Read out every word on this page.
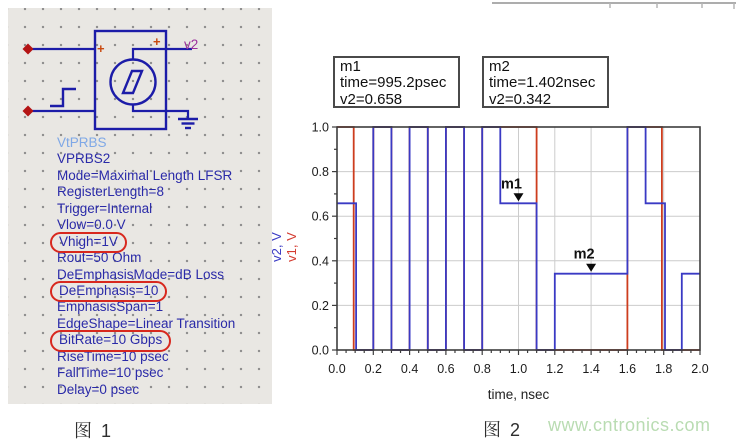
+	+ v2
VtPRBS
VPRBS2
Mode=Maximal Length LFSR
RegisterLength=8
Trigger=Internal
Vlow=0.0 V
Vhigh=1V
Rout=50 Ohm
DeEmphasisMode=dB Loss
DeEmphasis=10
EmphasisSpan=1
EdgeShape=Linear Transition
BitRate=10 Gbps
RiseTime=10 psec
FallTime=10 psec
Delay=0 psec
m1
time=995.2psec
v2=0.658
m2
time=1.402nsec
v2=0.342
0.0 0.2 0.4 0.6 0.8 1.0 1.2 1.4 1.6 1.8 2.0
0.0
0.2
0.4
0.6
0.8
1.0
time, nsec
v2, V v1, V
m1
m2
图 1	图 2 www.cntronics.com
